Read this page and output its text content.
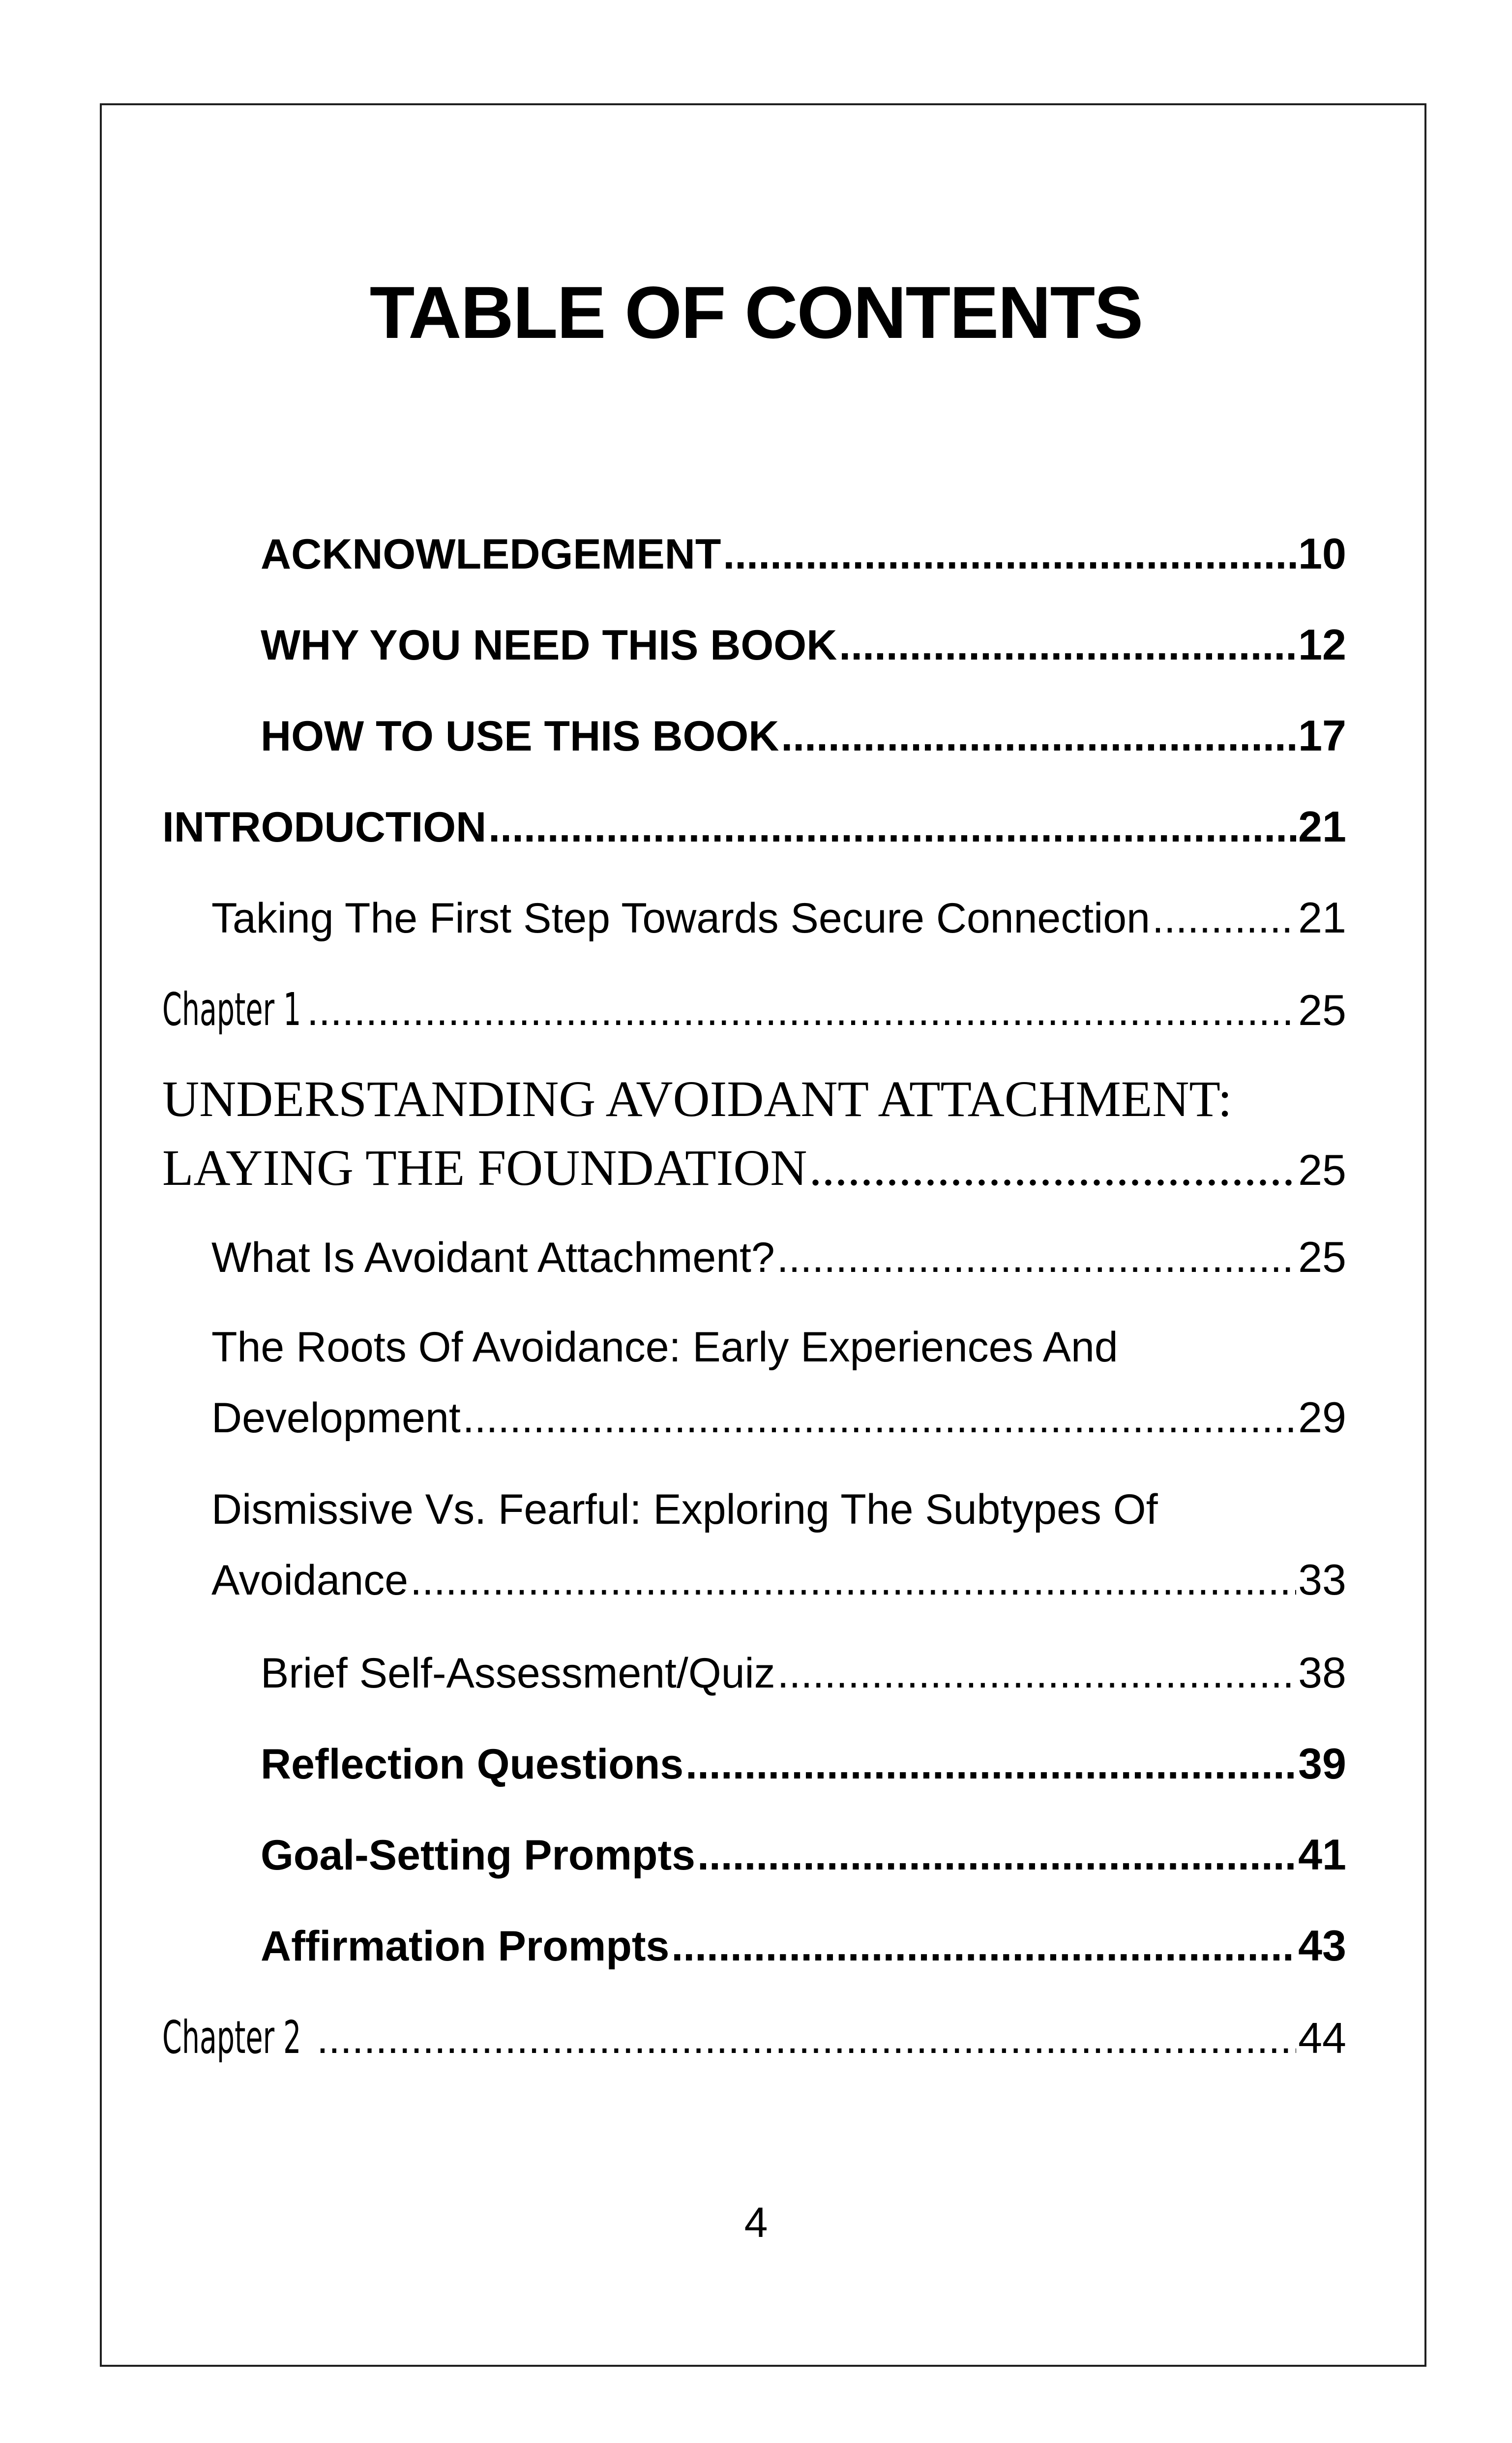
TABLE OF CONTENTS
ACKNOWLEDGEMENT .....	10
WHY YOU NEED THIS BOOK .....	12
HOW TO USE THIS BOOK .....	17
INTRODUCTION .....	21
Taking The First Step Towards Secure Connection .....	21
Chapter 1 .....	25
UNDERSTANDING AVOIDANT ATTACHMENT:
LAYING THE FOUNDATION .....	25
What Is Avoidant Attachment? .....	25
The Roots Of Avoidance: Early Experiences And
Development .....	29
Dismissive Vs. Fearful: Exploring The Subtypes Of
Avoidance .....	33
Brief Self-Assessment/Quiz .....	38
Reflection Questions .....	39
Goal-Setting Prompts .....	41
Affirmation Prompts .....	43
Chapter 2 .....	44
4
